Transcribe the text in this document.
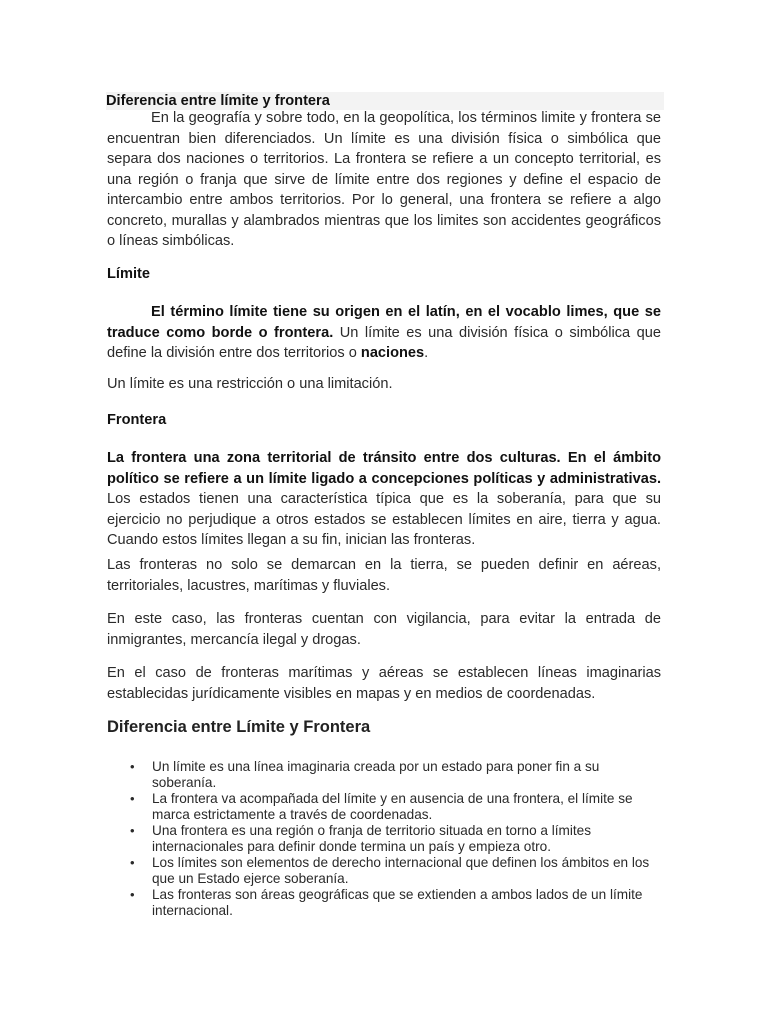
Diferencia entre límite y frontera

En la geografía y sobre todo, en la geopolítica, los términos limite y frontera se encuentran bien diferenciados. Un límite es una división física o simbólica que separa dos naciones o territorios. La frontera se refiere a un concepto territorial, es una región o franja que sirve de límite entre dos regiones y define el espacio de intercambio entre ambos territorios. Por lo general, una frontera se refiere a algo concreto, murallas y alambrados mientras que los limites son accidentes geográficos o líneas simbólicas.

Límite

El término límite tiene su origen en el latín, en el vocablo limes, que se traduce como borde o frontera. Un límite es una división física o simbólica que define la división entre dos territorios o naciones.

Un límite es una restricción o una limitación.

Frontera

La frontera una zona territorial de tránsito entre dos culturas. En el ámbito político se refiere a un límite ligado a concepciones políticas y administrativas. Los estados tienen una característica típica que es la soberanía, para que su ejercicio no perjudique a otros estados se establecen límites en aire, tierra y agua. Cuando estos límites llegan a su fin, inician las fronteras.

Las fronteras no solo se demarcan en la tierra, se pueden definir en aéreas, territoriales, lacustres, marítimas y fluviales.

En este caso, las fronteras cuentan con vigilancia, para evitar la entrada de inmigrantes, mercancía ilegal y drogas.

En el caso de fronteras marítimas y aéreas se establecen líneas imaginarias establecidas jurídicamente visibles en mapas y en medios de coordenadas.

Diferencia entre Límite y Frontera
• Un límite es una línea imaginaria creada por un estado para poner fin a su soberanía.
• La frontera va acompañada del límite y en ausencia de una frontera, el límite se marca estrictamente a través de coordenadas.
• Una frontera es una región o franja de territorio situada en torno a límites internacionales para definir donde termina un país y empieza otro.
• Los límites son elementos de derecho internacional que definen los ámbitos en los que un Estado ejerce soberanía.
• Las fronteras son áreas geográficas que se extienden a ambos lados de un límite internacional.
